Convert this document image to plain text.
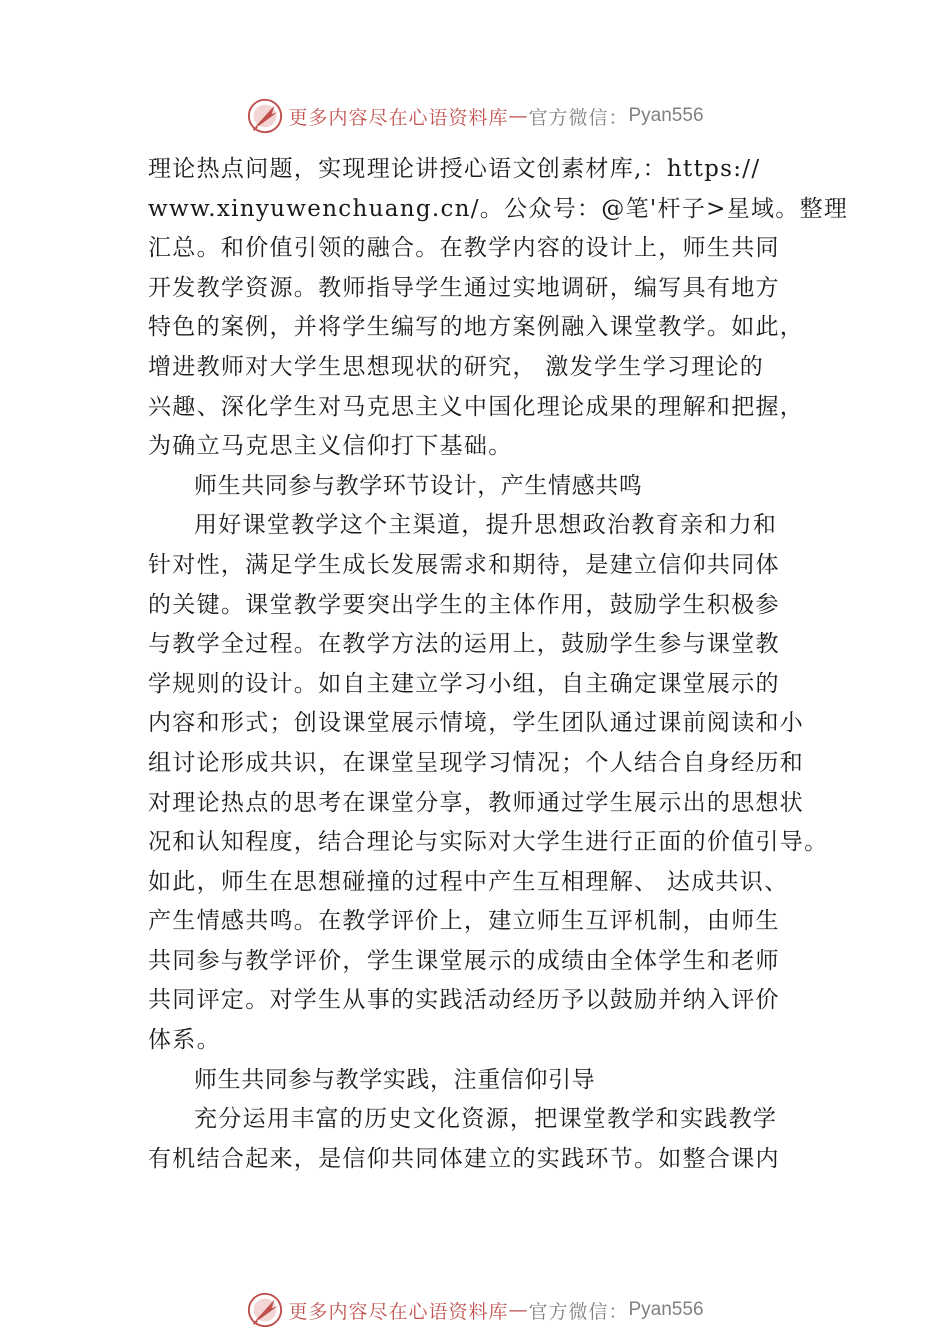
更多内容尽在心语资料库 — 官方微信： Pyan556
理论热点问题，实现理论讲授心语文创素材库,：https://
www.xinyuwenchuang.cn/。公众号：@笔'杆子>星域。整理
汇总。和价值引领的融合。在教学内容的设计上，师生共同
开发教学资源。教师指导学生通过实地调研，编写具有地方
特色的案例，并将学生编写的地方案例融入课堂教学。如此，
增进教师对大学生思想现状的研究， 激发学生学习理论的
兴趣、深化学生对马克思主义中国化理论成果的理解和把握，
为确立马克思主义信仰打下基础。
师生共同参与教学环节设计，产生情感共鸣
用好课堂教学这个主渠道，提升思想政治教育亲和力和
针对性，满足学生成长发展需求和期待，是建立信仰共同体
的关键。课堂教学要突出学生的主体作用，鼓励学生积极参
与教学全过程。在教学方法的运用上，鼓励学生参与课堂教
学规则的设计。如自主建立学习小组，自主确定课堂展示的
内容和形式；创设课堂展示情境，学生团队通过课前阅读和小
组讨论形成共识，在课堂呈现学习情况；个人结合自身经历和
对理论热点的思考在课堂分享，教师通过学生展示出的思想状
况和认知程度，结合理论与实际对大学生进行正面的价值引导。
如此，师生在思想碰撞的过程中产生互相理解、 达成共识、
产生情感共鸣。在教学评价上，建立师生互评机制，由师生
共同参与教学评价，学生课堂展示的成绩由全体学生和老师
共同评定。对学生从事的实践活动经历予以鼓励并纳入评价
体系。
师生共同参与教学实践，注重信仰引导
充分运用丰富的历史文化资源，把课堂教学和实践教学
有机结合起来，是信仰共同体建立的实践环节。如整合课内
更多内容尽在心语资料库 — 官方微信： Pyan556
